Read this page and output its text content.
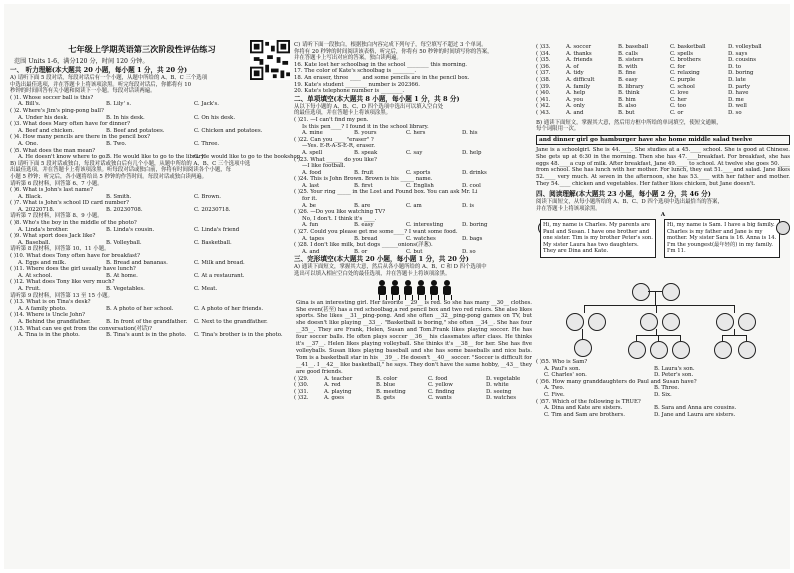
七年级上学期英语第三次阶段性评估练习
范围 Units 1-6，满分120 分，时间 120 分钟。
一、 听力理解(本大题共 20 小题，每小题 1 分，共 20 分)
A) 请听下面 5 段对话，每段对话后有一个小题，从题中所给的 A、B、C 三个选项
中选出最佳选项，并在答题卡上将该项涂黑。听完每段对话后，你都将有 10
秒钟的时间回答有关小题和阅读下一小题。每段对话读两遍。
( )1. Whose soccer ball is this?
A. Bill's.	B. Lily' s.	C. Jack's.
( )2. Where's Jim's ping-pong ball?
A. Under his desk.	B. In his desk.	C. On his desk.
( )3. What does Mary often have for dinner?
A. Beef and chicken.	B. Beef and potatoes.	C. Chicken and potatoes.
( )4. How many pencils are there in the pencil box?
A. One.	B. Two.	C. Three.
( )5. What does the man mean?
A. He doesn't know where to go. B. He would like to go to the library.
C. He would like to go to the bookshop.
B) 请听下面 5 段对话或独白，每段对话或独白后有几个小题，从题中所给的 A、B、C 三个选项中选
出最佳选项，并在答题卡上将该项涂黑。听每段对话或独白前，你将有时间阅读各个小题，每
小题 5 秒钟；听完后，各小题将给出 5 秒钟的作答时间。每段对话或独白读两遍。
请听第 6 段材料，回答第 6、7 小题。
( )6. What is John's last name?
A. Black.	B. Smith.	C. Brown.
( )7. What is John's school ID card number?
A. 20220718.	B. 20230708.	C. 20230718.
请听第 7 段材料，回答第 8、9 小题。
( )8. Who's the boy in the middle of the photo?
A. Linda's brother.	B. Linda's cousin.	C. Linda's friend
( )9. What sport does Jack like?
A. Baseball.	B. Volleyball.	C. Basketball.
请听第 8 段材料，回答第 10、11 小题。
( )10. What does Tony often have for breakfast?
A. Eggs and milk.	B. Bread and bananas.	C. Milk and bread.
( )11. Where does the girl usually have lunch?
A. At school.	B. At home.	C. At a restaurant.
( )12. What does Tony like very much?
A. Fruit.	B. Vegetables.	C. Meat.
请听第 9 段材料，回答第 13 至 15 小题。
( )13. What is on Tina's desk?
A. A family photo.	B. A photo of her school.	C. A photo of her friends.
( )14. Where is Uncle John?
A. Behind the grandfather.	B. In front of the grandfather.	C. Next to the grandfather.
( )15. What can we get from the conversation(对话)?
A. Tina is in the photo.	B. Tina's aunt is in the photo.	C. Tina's brother is in the photo.
C) 请听下面一段独白，根据独白内容完成下列句子，每空填写不超过 3 个单词。
你将有 20 秒钟的时间阅读该表格，听完后，你将有 50 秒钟的时间填写你的答案，
并在答题卡上写出对应的答案，独白读两遍。
16. Kate lost her schoolbag in the school ________ this morning.
17. The color of Kate's schoolbag is ________.
18. An eraser, three ____ and some pencils are in the pencil box.
19. Kate's student ________ number is 202366.
20. Kate's telephone number is ________.
二、单项填空(本大题共 8 小题，每小题 1 分，共 8 分)
从以下每小题的 A、B、C、D 四个选项中选出可以填入空白处
的最佳选项，并在答题卡上将该项涂黑。
( )21. —I can't find my pen.
Is this pen____? I found it in the school library.
A. mine	B. yours	C. hers	D. his
( )22. Can you ____ "eraser" ?
—Yes. E-R-A-S-E-R, eraser.
A. spell	B. speak	C. say	D. help
( )23. What ______ do you like?
—I like football.
A. food	B. fruit	C. sports	D. drinks
( )24. This is John Brown. Brown is his _____ name.
A. last	B. first	C. English	D. cool
( )25. Your ring _____ in the Lost and Found box. You can ask Mr. Li
for it.
A. be	B. are	C. am	D. is
( )26. —Do you like watching TV?
No, I don't. I think it's ____.
A. fun	B. easy	C. interesting	D. boring
( )27. Could you please get me some____? I want some food.
A. tapes	B. bread	C. watches	D. bags
( )28. I don't like milk, but dogs ______onions(洋葱).
A. and	B. or	C. but	D. so
三、完形填空(本大题共 20 小题，每小题 1 分，共 20 分)
A) 通读下面短文，掌握其大意，然后从各小题所给的 A、B、C 和 D 四个选项中
选出可以填入相应空白处的最佳选项，并在答题卡上将该项涂黑。
Gina is an interesting girl. Her favorite __29__ is red. So she has many __30__ clothes. She even(甚至) has a red schoolbag,a red pencil box and two red rulers. She also likes sports. She likes __31__ping-pong. And she often __32__ping-pong games on TV, but she doesn't like playing __33__. "Basketball is boring," she often __34__. She has four __35__. They are Frank, Helen, Susan and Tom.Frank likes playing soccer. He has four soccer balls. He often plays soccer __36__ his classmates after class. He thinks it's __37__. Helen likes playing volleyball. She thinks it's __38__ for her. She has five volleyballs. Susan likes playing baseball and she has some baseballs and nice bats. Tom is a basketball star in his __39__. He doesn't __40__ soccer. "Soccer is difficult for __41__. I __42__ like basketball," he says. They don't have the same hobby, __43__ they are good friends.
( )29.	A. teacher	B. color	C. food	D. vegetable
( )30.	A. red	B. blue	C. yellow	D. white
( )31.	A. playing	B. meeting	C. finding	D. seeing
( )32.	A. goes	B. gets	C. wants	D. watches
( )33.	A. soccer	B. baseball	C. basketball	D. volleyball
( )34.	A. thanks	B. calls	C. spells	D. says
( )35.	A. friends	B. sisters	C. brothers	D. cousins
( )36.	A. of	B. with	C. for	D. to
( )37.	A. tidy	B. fine	C. relaxing	D. boring
( )38.	A. difficult	B. easy	C. purple	D. late
( )39.	A. family	B. library	C. school	D. party
( )40.	A. help	B. think	C. love	D. have
( )41.	A. you	B. him	C. her	D. me
( )42.	A. only	B. also	C. too	D. well
( )43.	A. and	B. but	C. or	D. so
B) 通读下面短文，掌握其大意，然后用方框中所给的单词填空，使短文通顺，
每个词限用一次。
and dinner girl go hamburger have she home middle salad twelve
Jane is a schoolgirl. She is 44.____. She studies at a 45.____ school. She is good at Chinese. She gets up at 6:30 in the morning. Then she has 47.____breakfast. For breakfast, she has eggs 48.____a cup of milk. After breakfast, Jane 49.____ to school. At twelve she goes 50.____ from school. She has lunch with her mother. For lunch, they eat 51.____and salad. Jane likes 52.____ very much. At seven in the afternoon, she has 53.____ with her father and mother. They 54.____ chicken and vegetables. Her father likes chicken, but Jane doesn't.
四、阅读理解(本大题共 23 小题，每小题 2 分，共 46 分)
阅读下面短文，从每小题所给的 A、B、C、D 四个选项中选出最恰当的答案，
并在答题卡上将该项涂黑。
A
Hi, my name is Charles. My parents are Paul and Susan. I have one brother and one sister. Tim is my brother Peter's son. My sister Laura has two daughters. They are Dina and Kate.
Hi, my name is Sam. I have a big family. Charles is my father and Jane is my mother. My sister Sara is 16. Anna is 14. I'm the youngest(最年轻的) in my family. I'm 11.
( )55. Who is Sam?
A. Paul's son.	B. Laura's son.
C. Charles' son.	D. Peter's son.
( )56. How many granddaughters do Paul and Susan have?
A. Two.	B. Three.
C. Five.	D. Six.
( )57. Which of the following is TRUE?
A. Dina and Kate are sisters.	B. Sara and Anna are cousins.
C. Tim and Sam are brothers.	D. Jane and Laura are sisters.
